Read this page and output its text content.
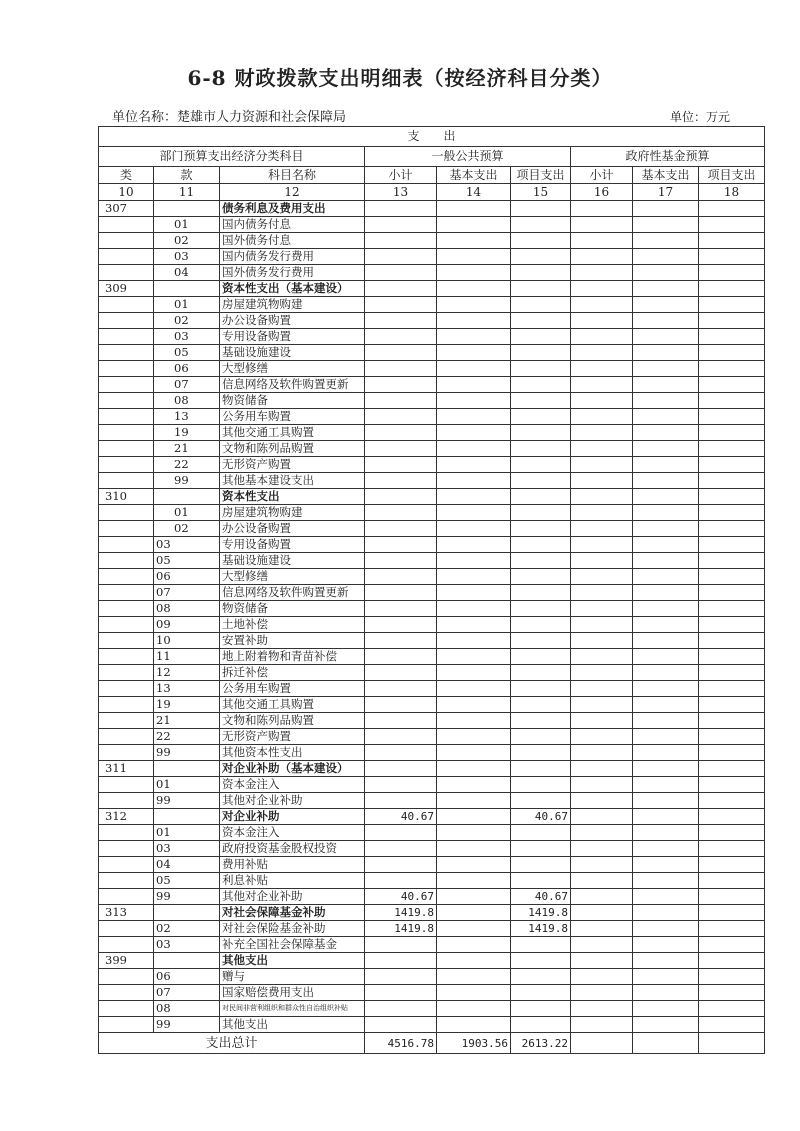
6-8 财政拨款支出明细表（按经济科目分类）
单位名称：楚雄市人力资源和社会保障局	单位：万元
支　　出								
部门预算支出经济分类科目			一般公共预算			政府性基金预算		
类	款	科目名称	小计	基本支出	项目支出	小计	基本支出	项目支出
10	11	12	13	14	15	16	17	18
307		债务利息及费用支出						
	01	国内债务付息						
	02	国外债务付息						
	03	国内债务发行费用						
	04	国外债务发行费用						
309		资本性支出（基本建设）						
	01	房屋建筑物购建						
	02	办公设备购置						
	03	专用设备购置						
	05	基础设施建设						
	06	大型修缮						
	07	信息网络及软件购置更新						
	08	物资储备						
	13	公务用车购置						
	19	其他交通工具购置						
	21	文物和陈列品购置						
	22	无形资产购置						
	99	其他基本建设支出						
310		资本性支出						
	01	房屋建筑物购建						
	02	办公设备购置						
	03	专用设备购置						
	05	基础设施建设						
	06	大型修缮						
	07	信息网络及软件购置更新						
	08	物资储备						
	09	土地补偿						
	10	安置补助						
	11	地上附着物和青苗补偿						
	12	拆迁补偿						
	13	公务用车购置						
	19	其他交通工具购置						
	21	文物和陈列品购置						
	22	无形资产购置						
	99	其他资本性支出						
311		对企业补助（基本建设）						
	01	资本金注入						
	99	其他对企业补助						
312		对企业补助	40.67		40.67			
	01	资本金注入						
	03	政府投资基金股权投资						
	04	费用补贴						
	05	利息补贴						
	99	其他对企业补助	40.67		40.67			
313		对社会保障基金补助	1419.8		1419.8			
	02	对社会保险基金补助	1419.8		1419.8			
	03	补充全国社会保障基金						
399		其他支出						
	06	赠与						
	07	国家赔偿费用支出						
	08	对民间非营利组织和群众性自治组织补贴						
	99	其他支出						
支出总计			4516.78	1903.56	2613.22			
